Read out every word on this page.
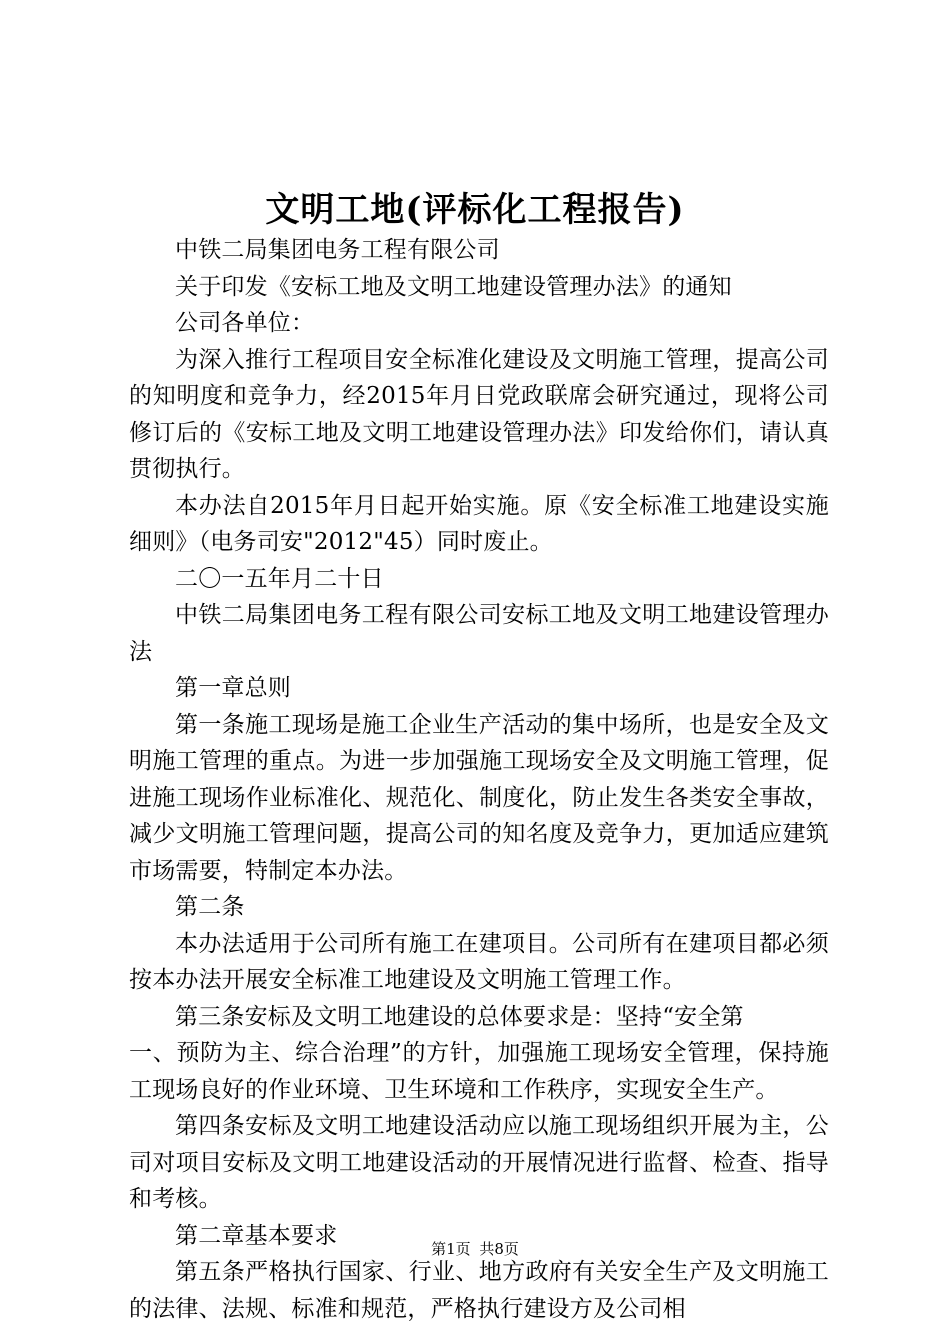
文明工地(评标化工程报告)

中铁二局集团电务工程有限公司

关于印发《安标工地及文明工地建设管理办法》的通知

公司各单位：

为深入推行工程项目安全标准化建设及文明施工管理，提高公司的知明度和竞争力，经2015年月日党政联席会研究通过，现将公司修订后的《安标工地及文明工地建设管理办法》印发给你们，请认真贯彻执行。

本办法自2015年月日起开始实施。原《安全标准工地建设实施细则》（电务司安"2012"45）同时废止。

二〇一五年月二十日

中铁二局集团电务工程有限公司安标工地及文明工地建设管理办法

第一章总则

第一条施工现场是施工企业生产活动的集中场所，也是安全及文明施工管理的重点。为进一步加强施工现场安全及文明施工管理，促进施工现场作业标准化、规范化、制度化，防止发生各类安全事故，减少文明施工管理问题，提高公司的知名度及竞争力，更加适应建筑市场需要，特制定本办法。

第二条

本办法适用于公司所有施工在建项目。公司所有在建项目都必须按本办法开展安全标准工地建设及文明施工管理工作。

第三条安标及文明工地建设的总体要求是：坚持“安全第

一、预防为主、综合治理”的方针，加强施工现场安全管理，保持施工现场良好的作业环境、卫生环境和工作秩序，实现安全生产。

第四条安标及文明工地建设活动应以施工现场组织开展为主，公司对项目安标及文明工地建设活动的开展情况进行监督、检查、指导和考核。

第二章基本要求

第五条严格执行国家、行业、地方政府有关安全生产及文明施工的法律、法规、标准和规范，严格执行建设方及公司相

第1页 共8页
